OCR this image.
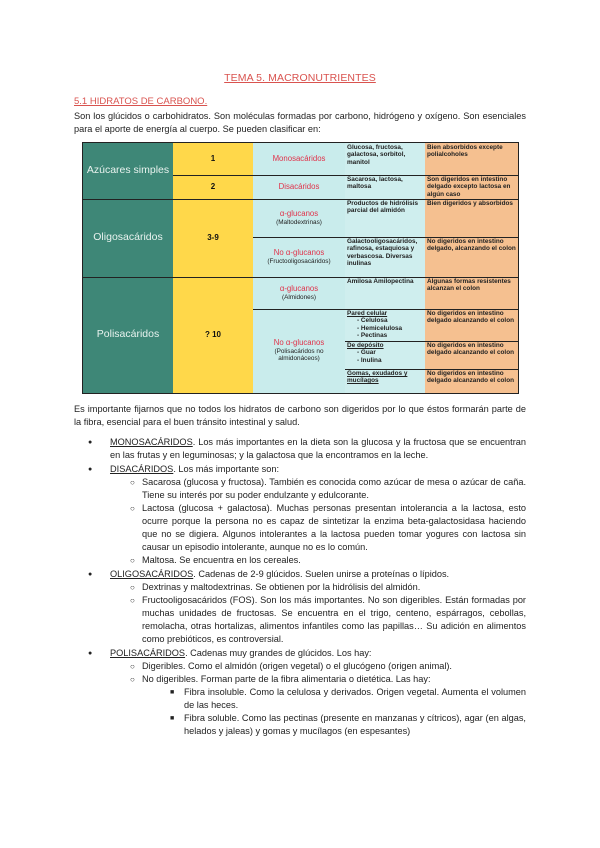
TEMA 5. MACRONUTRIENTES
5.1 HIDRATOS DE CARBONO.
Son los glúcidos o carbohidratos. Son moléculas formadas por carbono, hidrógeno y oxígeno. Son esenciales para el aporte de energía al cuerpo. Se pueden clasificar en:
Azúcares simples
Oligosacáridos
Polisacáridos
1
2
3-9
? 10
Monosacáridos
Disacáridos
α-glucanos
(Maltodextrinas)
No α-glucanos
(Fructooligosacáridos)
α-glucanos
(Almidones)
No α-glucanos
(Polisacáridos no almidonáceos)
Glucosa, fructosa, galactosa, sorbitol, manitol
Sacarosa, lactosa, maltosa
Productos de hidrólisis parcial del almidón
Galactooligosacáridos, rafinosa, estaquiosa y verbascosa. Diversas inulinas
Amilosa Amilopectina
Pared celular
- Celulosa
- Hemicelulosa
- Pectinas
De depósito
- Guar
- Inulina
Gomas, exudados y mucílagos
Bien absorbidos excepte polialcoholes
Son digeridos en intestino delgado excepto lactosa en algún caso
Bien digeridos y absorbidos
No digeridos en intestino delgado, alcanzando el colon
Algunas formas resistentes alcanzan el colon
No digeridos en intestino delgado alcanzando el colon
No digeridos en intestino delgado alcanzando el colon
No digeridos en intestino delgado alcanzando el colon
Es importante fijarnos que no todos los hidratos de carbono son digeridos por lo que éstos formarán parte de la fibra, esencial para el buen tránsito intestinal y salud.
● MONOSACÁRIDOS. Los más importantes en la dieta son la glucosa y la fructosa que se encuentran en las frutas y en leguminosas; y la galactosa que la encontramos en la leche.
● DISACÁRIDOS. Los más importante son:
○ Sacarosa (glucosa y fructosa). También es conocida como azúcar de mesa o azúcar de caña. Tiene su interés por su poder endulzante y edulcorante.
○ Lactosa (glucosa + galactosa). Muchas personas presentan intolerancia a la lactosa, esto ocurre porque la persona no es capaz de sintetizar la enzima beta-galactosidasa haciendo que no se digiera. Algunos intolerantes a la lactosa pueden tomar yogures con lactosa sin causar un episodio intolerante, aunque no es lo común.
○ Maltosa. Se encuentra en los cereales.
● OLIGOSACÁRIDOS. Cadenas de 2-9 glúcidos. Suelen unirse a proteínas o lípidos.
○ Dextrinas y maltodextrinas. Se obtienen por la hidrólisis del almidón.
○ Fructooligosacáridos (FOS). Son los más importantes. No son digeribles. Están formadas por muchas unidades de fructosas. Se encuentra en el trigo, centeno, espárragos, cebollas, remolacha, otras hortalizas, alimentos infantiles como las papillas… Su adición en alimentos como prebióticos, es controversial.
● POLISACÁRIDOS. Cadenas muy grandes de glúcidos. Los hay:
○ Digeribles. Como el almidón (origen vegetal) o el glucógeno (origen animal).
○ No digeribles. Forman parte de la fibra alimentaria o dietética. Las hay:
■ Fibra insoluble. Como la celulosa y derivados. Origen vegetal. Aumenta el volumen de las heces.
■ Fibra soluble. Como las pectinas (presente en manzanas y cítricos), agar (en algas, helados y jaleas) y gomas y mucílagos (en espesantes)
